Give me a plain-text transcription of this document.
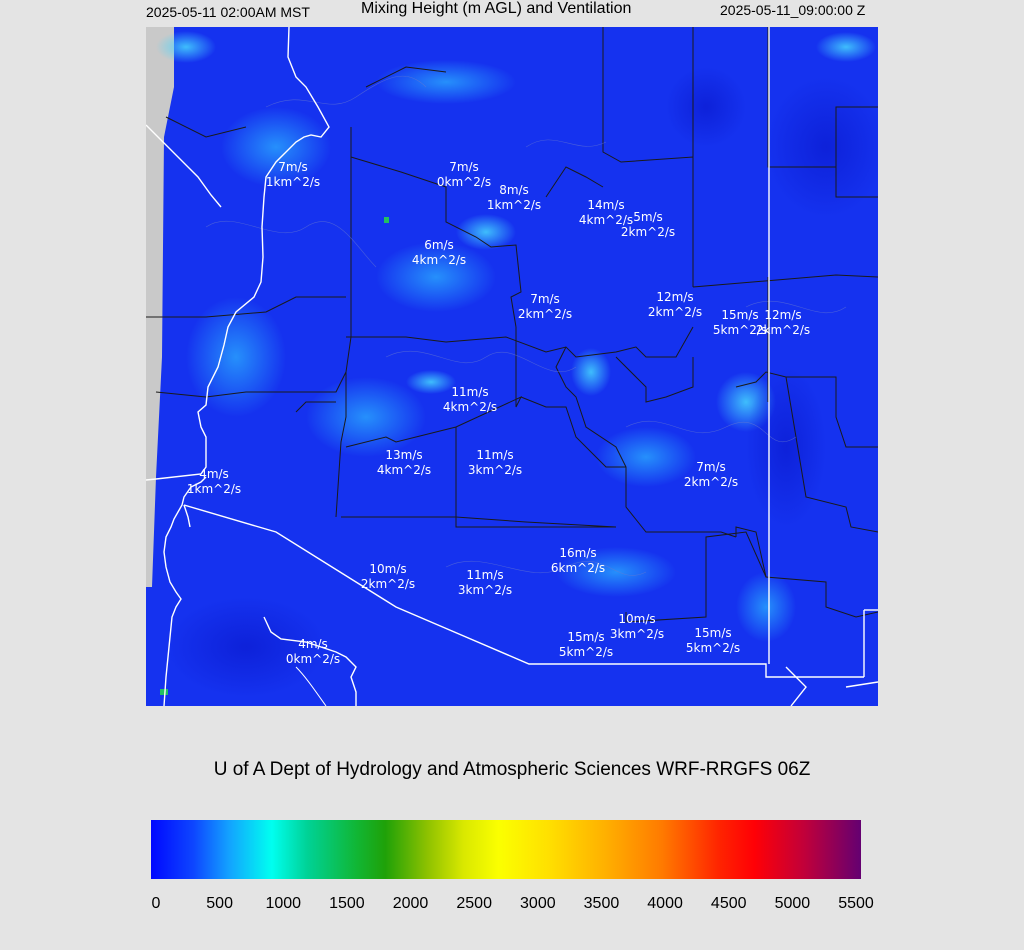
2025-05-11 02:00AM MST	Mixing Height (m AGL) and Ventilation	2025-05-11_09:00:00 Z
7m/s
1km^2/s
7m/s
0km^2/s
8m/s
1km^2/s	14m/s
4km^2/s 5m/s
2km^2/s
6m/s
4km^2/s
7m/s
2km^2/s
12m/s
2km^2/s 15m/s
5km^2/s
12m/s
2km^2/s
11m/s
4km^2/s
13m/s
4km^2/s
11m/s
3km^2/s	7m/s
2km^2/s
4m/s
1km^2/s
10m/s
2km^2/s
11m/s
3km^2/s
16m/s
6km^2/s
10m/s
3km^2/s
15m/s
5km^2/s
15m/s
5km^2/s
4m/s
0km^2/s
U of A Dept of Hydrology and Atmospheric Sciences WRF-RRGFS 06Z
0	500 1000 1500 2000 2500 3000 3500 4000 4500 5000 5500
